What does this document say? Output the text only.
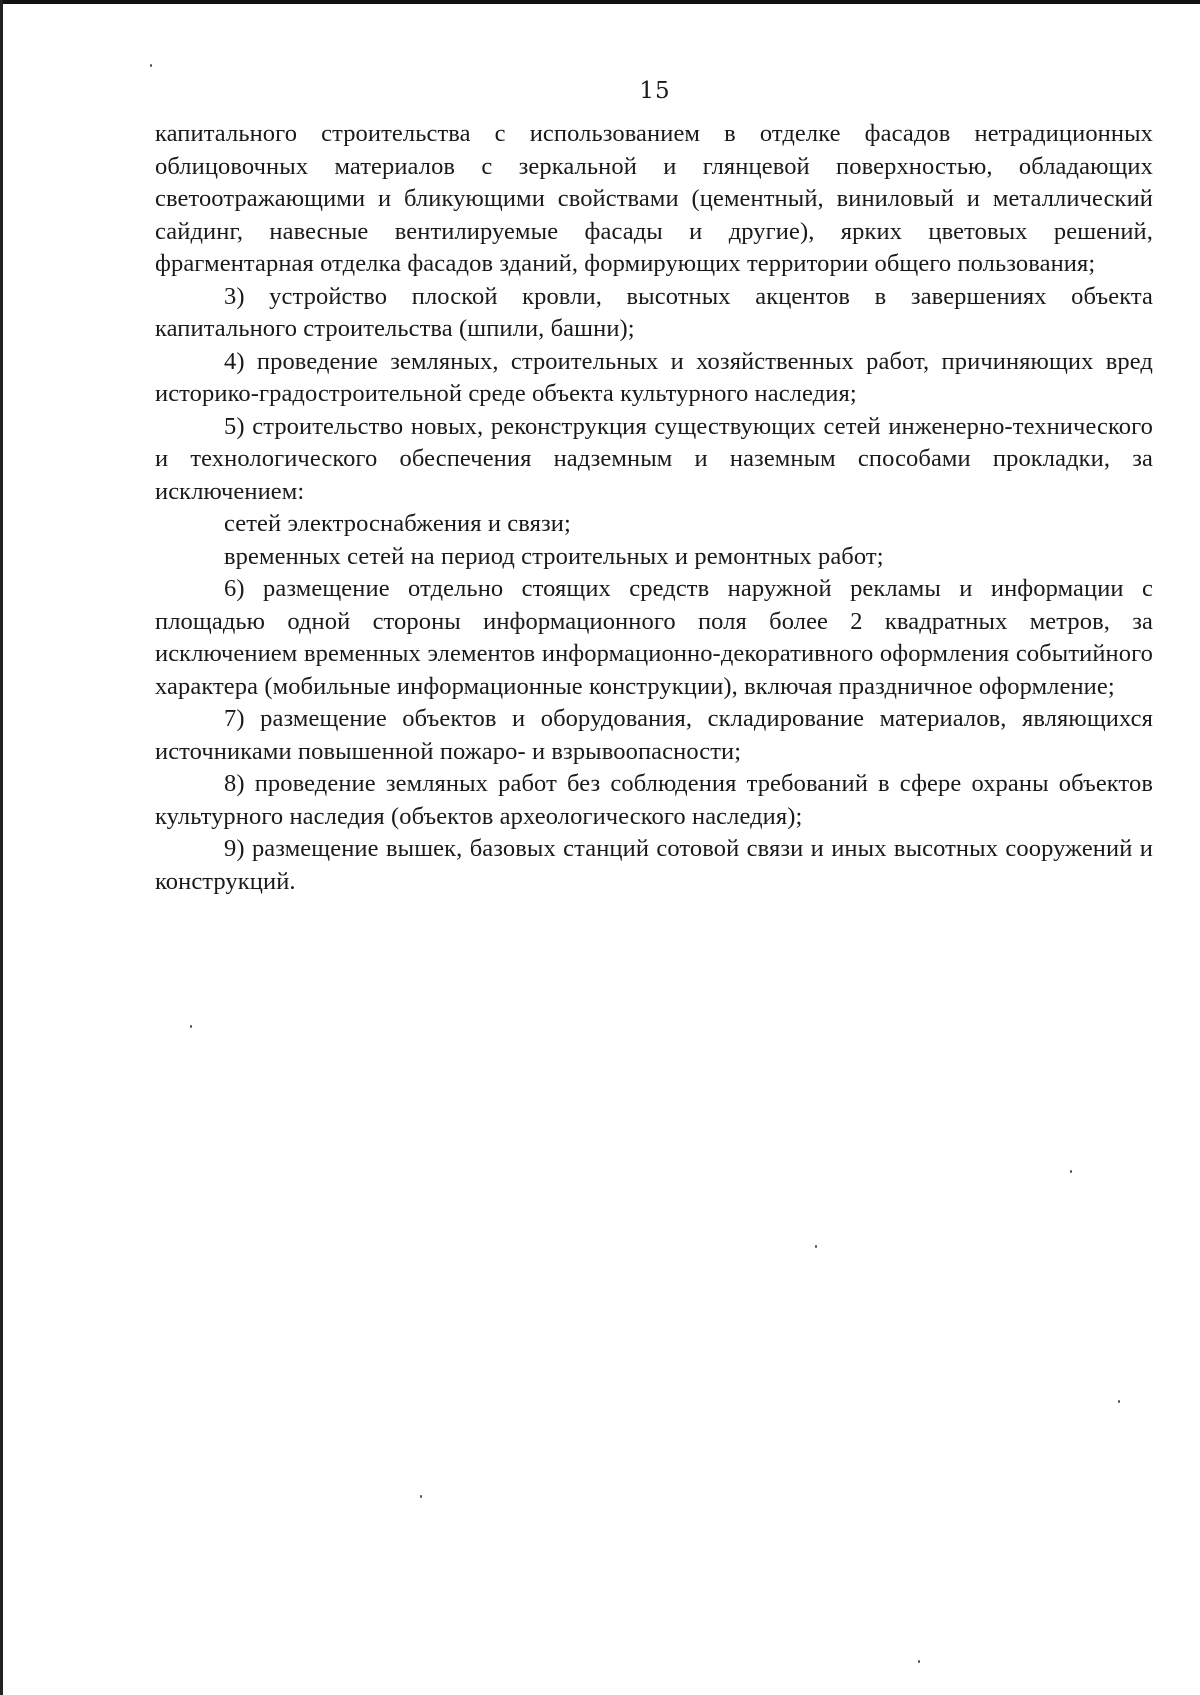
15

капитального строительства с использованием в отделке фасадов нетрадиционных облицовочных материалов с зеркальной и глянцевой поверхностью, обладающих светоотражающими и бликующими свойствами (цементный, виниловый и металлический сайдинг, навесные вентилируемые фасады и другие), ярких цветовых решений, фрагментарная отделка фасадов зданий, формирующих территории общего пользования;

3) устройство плоской кровли, высотных акцентов в завершениях объекта капитального строительства (шпили, башни);

4) проведение земляных, строительных и хозяйственных работ, причиняющих вред историко-градостроительной среде объекта культурного наследия;

5) строительство новых, реконструкция существующих сетей инженерно-технического и технологического обеспечения надземным и наземным способами прокладки, за исключением:

сетей электроснабжения и связи;

временных сетей на период строительных и ремонтных работ;

6) размещение отдельно стоящих средств наружной рекламы и информации с площадью одной стороны информационного поля более 2 квадратных метров, за исключением временных элементов информационно-декоративного оформления событийного характера (мобильные информационные конструкции), включая праздничное оформление;

7) размещение объектов и оборудования, складирование материалов, являющихся источниками повышенной пожаро- и взрывоопасности;

8) проведение земляных работ без соблюдения требований в сфере охраны объектов культурного наследия (объектов археологического наследия);

9) размещение вышек, базовых станций сотовой связи и иных высотных сооружений и конструкций.
